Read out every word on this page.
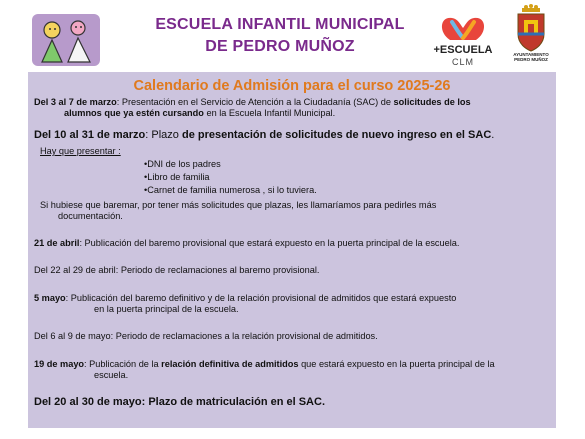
ESCUELA INFANTIL MUNICIPAL
DE PEDRO MUÑOZ	+ESCUELA
CLM
AYUNTAMIENTO
PEDRO MUÑOZ
Calendario de Admisión para el curso 2025-26
Del 3 al 7 de marzo: Presentación en el Servicio de Atención a la Ciudadanía (SAC) de solicitudes de los
alumnos que ya estén cursando en la Escuela Infantil Municipal.
Del 10 al 31 de marzo: Plazo de presentación de solicitudes de nuevo ingreso en el SAC.
Hay que presentar :
•DNI de los padres
•Libro de familia
•Carnet de familia numerosa , si lo tuviera.
Si hubiese que baremar, por tener más solicitudes que plazas, les llamaríamos para pedirles más
documentación.
21 de abril: Publicación del baremo provisional que estará expuesto en la puerta principal de la escuela.
Del 22 al 29 de abril: Periodo de reclamaciones al baremo provisional.
5 mayo: Publicación del baremo definitivo y de la relación provisional de admitidos que estará expuesto
en la puerta principal de la escuela.
Del 6 al 9 de mayo: Periodo de reclamaciones a la relación provisional de admitidos.
19 de mayo: Publicación de la relación definitiva de admitidos que estará expuesto en la puerta principal de la
escuela.
Del 20 al 30 de mayo: Plazo de matriculación en el SAC.
